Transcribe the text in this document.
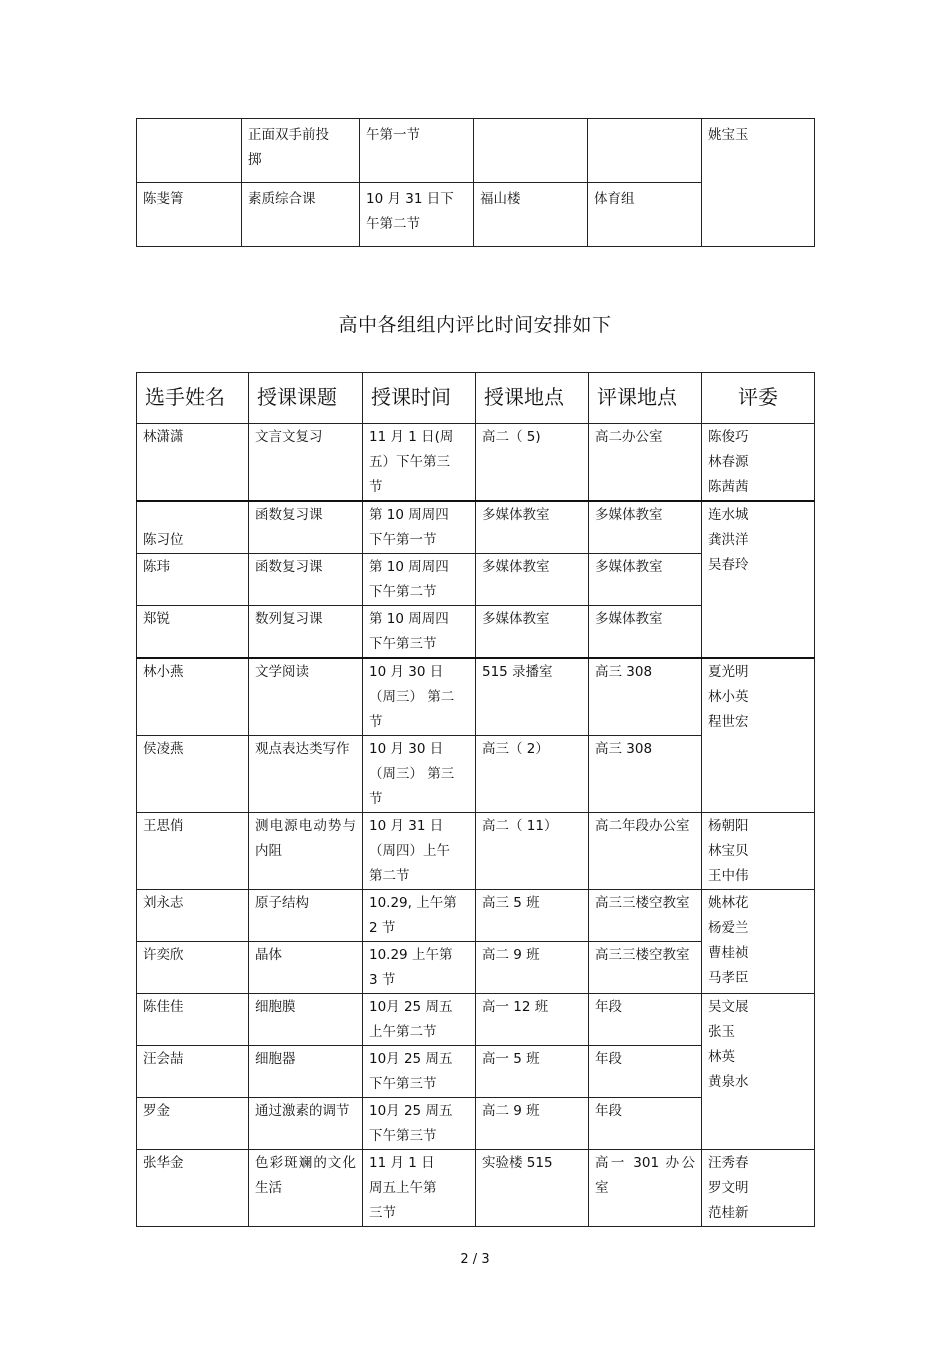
	正面双手前投
掷	午第一节			姚宝玉
陈斐箐	素质综合课	10 月 31 日下
午第二节	福山楼	体育组	
高中各组组内评比时间安排如下
选手姓名	授课课题	授课时间	授课地点	评课地点	评委
林潇潇	文言文复习	11 月 1 日(周
五）下午第三
节	高二（ 5)	高二办公室	陈俊巧
林春源
陈茜茜

陈习位	函数复习课	第 10 周周四
下午第一节	多媒体教室	多媒体教室	连水城
龚洪洋
吴春玲
陈玮	函数复习课	第 10 周周四
下午第二节	多媒体教室	多媒体教室	
郑锐	数列复习课	第 10 周周四
下午第三节	多媒体教室	多媒体教室	
林小燕	文学阅读	10 月 30 日
（周三） 第二
节	515 录播室	高三 308	夏光明
林小英
程世宏
侯凌燕	观点表达类写作	10 月 30 日
（周三） 第三
节	高三（ 2）	高三 308	
王思俏	测电源电动势与内阻	10 月 31 日
（周四）上午
第二节	高二（ 11）	高二年段办公室	杨朝阳
林宝贝
王中伟
刘永志	原子结构	10.29, 上午第
2 节	高三 5 班	高三三楼空教室	姚林花
杨爱兰
曹桂祯
马孝臣
许奕欣	晶体	10.29 上午第
3 节	高二 9 班	高三三楼空教室	
陈佳佳	细胞膜	10月 25 周五
上午第二节	高一 12 班	年段	吴文展
张玉
林英
黄泉水
汪会喆	细胞器	10月 25 周五
下午第三节	高一 5 班	年段	
罗金	通过激素的调节	10月 25 周五
下午第三节	高二 9 班	年段	
张华金	色彩斑斓的文化生活	11 月 1 日
周五上午第
三节	实验楼 515	高一 301 办公室	汪秀春
罗文明
范桂新
2 / 3
